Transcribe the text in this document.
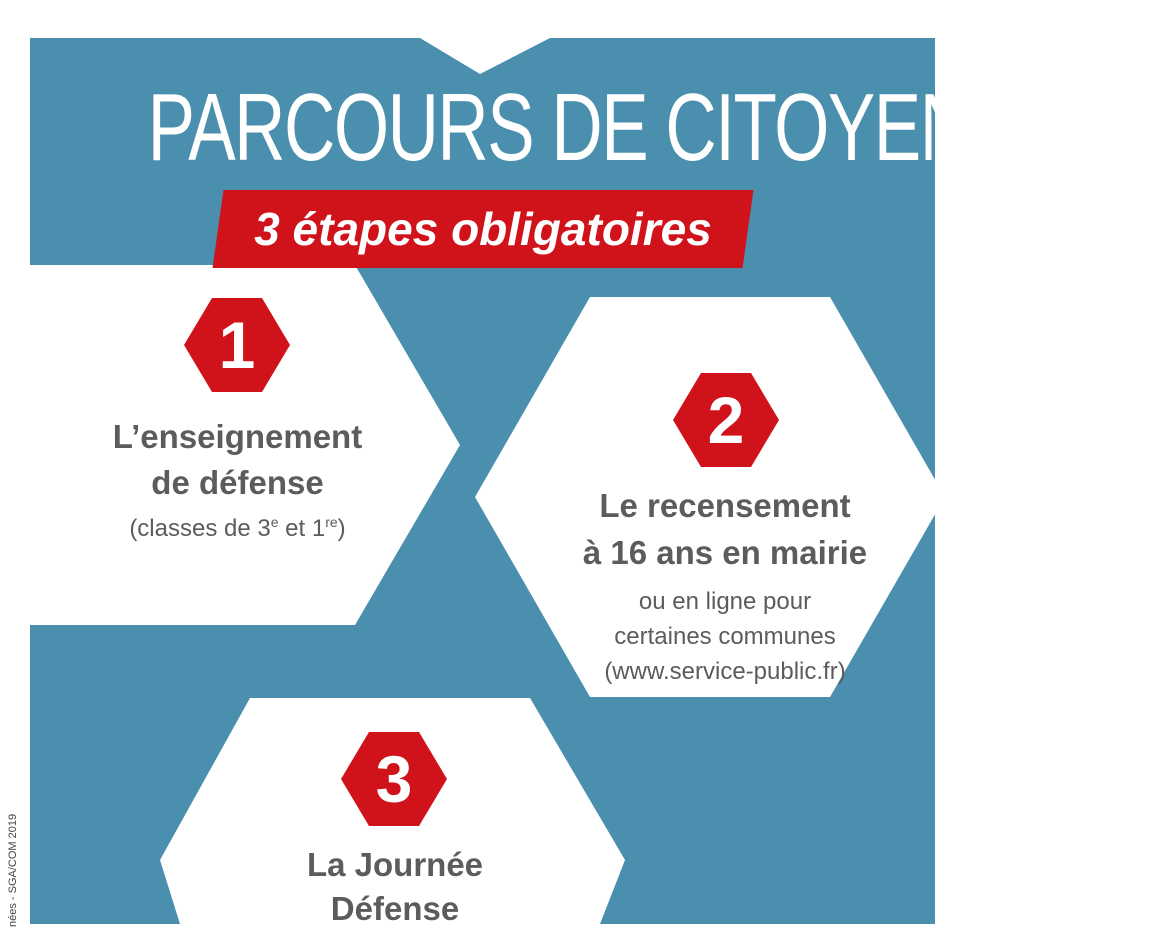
PARCOURS DE CITOYENNETÉ
3 étapes obligatoires
1
L’enseignement
de défense
(classes de 3e et 1re)
2
Le recensement
à 16 ans en mairie
ou en ligne pour
certaines communes
(www.service-public.fr)
3
La Journée
Défense
nées - SGA/COM 2019
